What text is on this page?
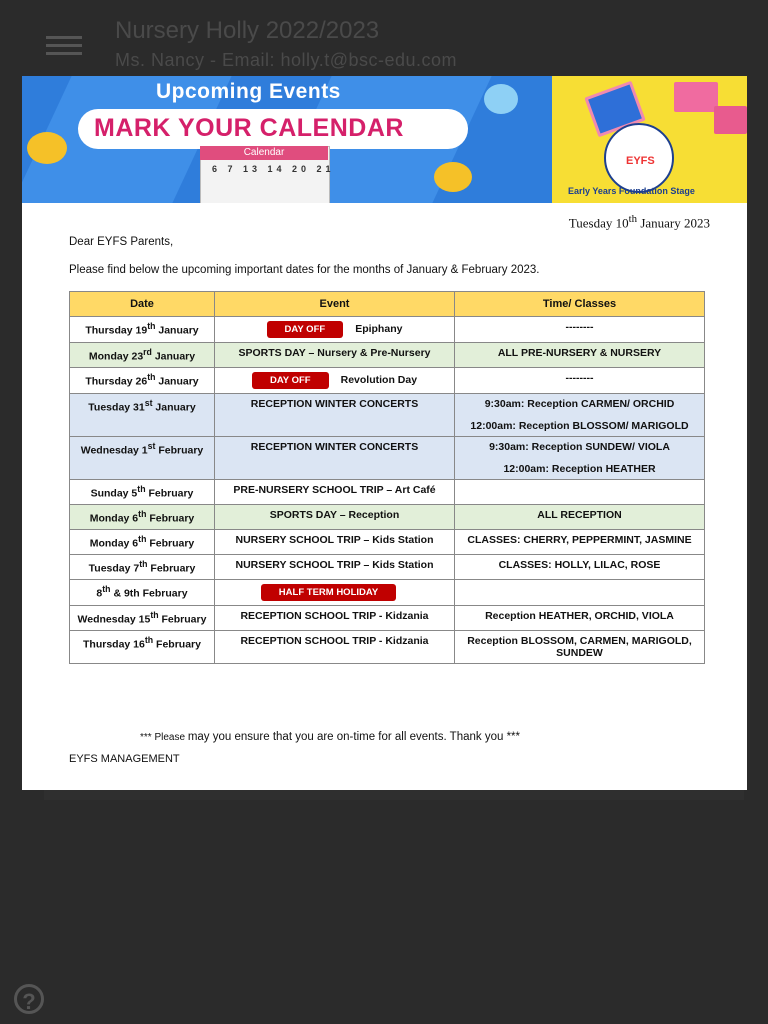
Nursery Holly 2022/2023
Ms. Nancy - Email: holly.t@bsc-edu.com
?
Upcoming Events
MARK YOUR CALENDAR
Calendar
6 7 13 14 20 21
EYFS
Early Years Foundation Stage
Tuesday 10th January 2023
Dear EYFS Parents,
Please find below the upcoming important dates for the months of January & February 2023.
Date	Event	Time/ Classes
Thursday 19th January	DAY OFF Epiphany	--------
Monday 23rd January	SPORTS DAY – Nursery & Pre-Nursery	ALL PRE-NURSERY & NURSERY
Thursday 26th January	DAY OFF Revolution Day	--------
Tuesday 31st January	RECEPTION WINTER CONCERTS	9:30am: Reception CARMEN/ ORCHID
12:00am: Reception BLOSSOM/ MARIGOLD
Wednesday 1st February	RECEPTION WINTER CONCERTS	9:30am: Reception SUNDEW/ VIOLA
12:00am: Reception HEATHER
Sunday 5th February	PRE-NURSERY SCHOOL TRIP – Art Café	
Monday 6th February	SPORTS DAY – Reception	ALL RECEPTION
Monday 6th February	NURSERY SCHOOL TRIP – Kids Station	CLASSES: CHERRY, PEPPERMINT, JASMINE
Tuesday 7th February	NURSERY SCHOOL TRIP – Kids Station	CLASSES: HOLLY, LILAC, ROSE
8th & 9th February	HALF TERM HOLIDAY	
Wednesday 15th February	RECEPTION SCHOOL TRIP - Kidzania	Reception HEATHER, ORCHID, VIOLA
Thursday 16th February	RECEPTION SCHOOL TRIP - Kidzania	Reception BLOSSOM, CARMEN, MARIGOLD, SUNDEW
*** Please may you ensure that you are on-time for all events. Thank you ***
EYFS MANAGEMENT
